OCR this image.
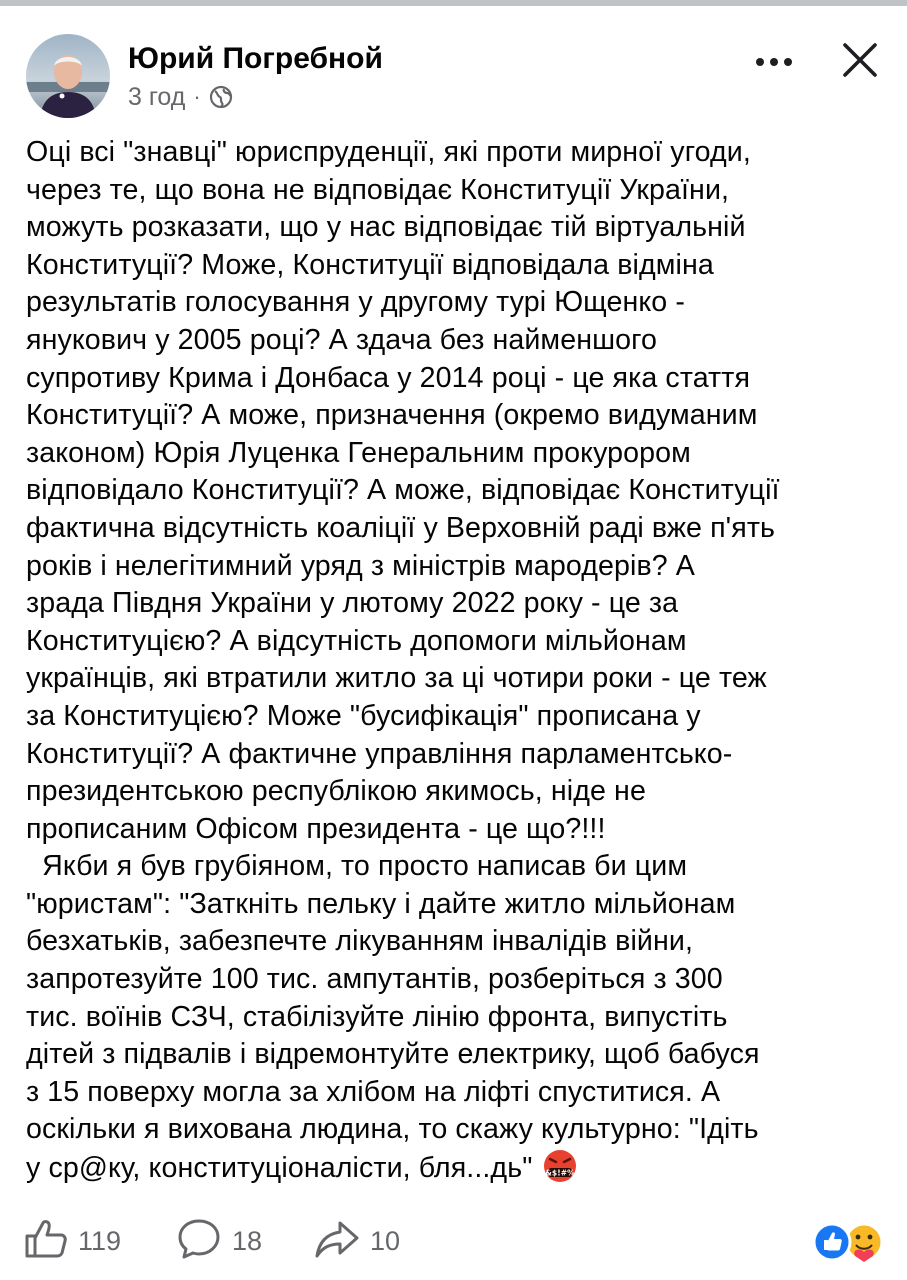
Юрий Погребной
3 год ·
Оці всі "знавці" юриспруденції, які проти мирної угоди,
через те, що вона не відповідає Конституції України,
можуть розказати, що у нас відповідає тій віртуальній
Конституції? Може, Конституції відповідала відміна
результатів голосування у другому турі Ющенко -
янукович у 2005 році? А здача без найменшого
супротиву Крима і Донбаса у 2014 році - це яка стаття
Конституції? А може, призначення (окремо видуманим
законом) Юрія Луценка Генеральним прокурором
відповідало Конституції? А може, відповідає Конституції
фактична відсутність коаліції у Верховній раді вже п'ять
років і нелегітимний уряд з міністрів мародерів? А
зрада Півдня України у лютому 2022 року - це за
Конституцією? А відсутність допомоги мільйонам
українців, які втратили житло за ці чотири роки - це теж
за Конституцією? Може "бусифікація" прописана у
Конституції? А фактичне управління парламентсько-
президентською республікою якимось, ніде не
прописаним Офісом президента - це що?!!!
Якби я був грубіяном, то просто написав би цим
"юристам": "Заткніть пельку і дайте житло мільйонам
безхатьків, забезпечте лікуванням інвалідів війни,
запротезуйте 100 тис. ампутантів, розберіться з 300
тис. воїнів СЗЧ, стабілізуйте лінію фронта, випустіть
дітей з підвалів і відремонтуйте електрику, щоб бабуся
з 15 поверху могла за хлібом на ліфті спуститися. А
оскільки я вихована людина, то скажу культурно: "Ідіть
у ср@ку, конституціоналісти, бля...дь" &$!#%
119	18	10
